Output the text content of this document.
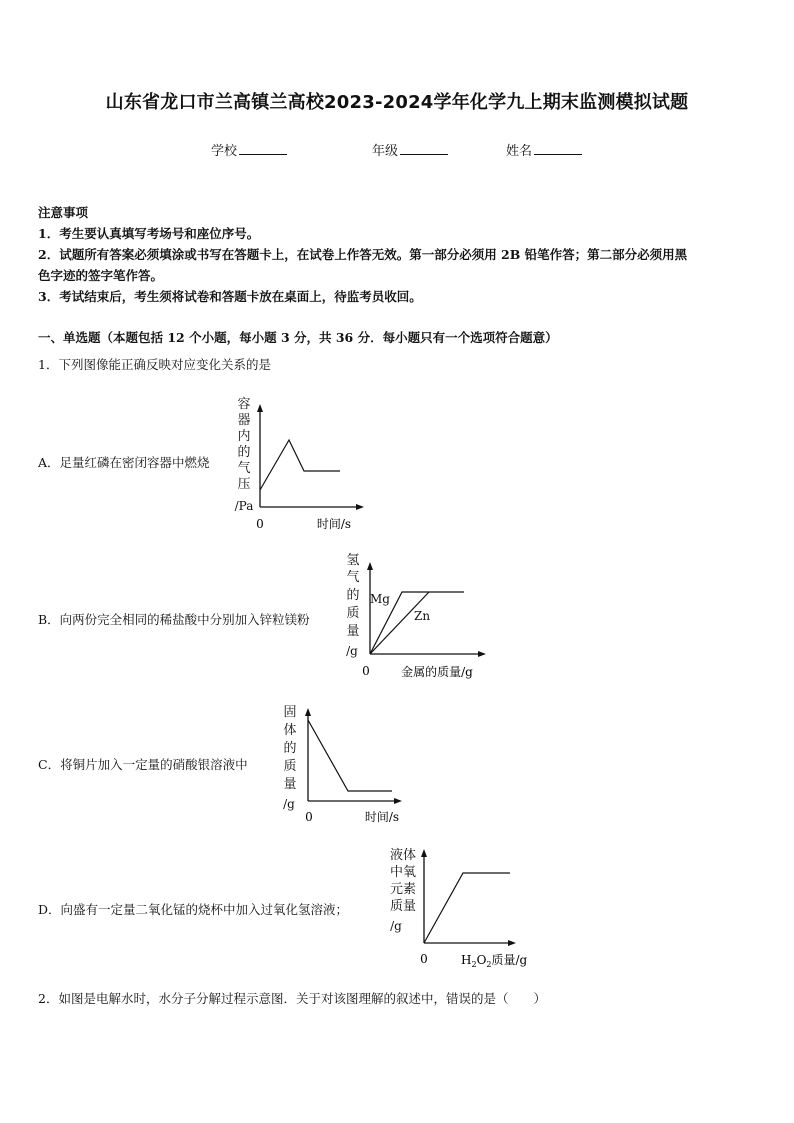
山东省龙口市兰高镇兰高校2023-2024学年化学九上期末监测模拟试题
学校	年级	姓名
注意事项
1．考生要认真填写考场号和座位序号。
2．试题所有答案必须填涂或书写在答题卡上，在试卷上作答无效。第一部分必须用 2B 铅笔作答；第二部分必须用黑
色字迹的签字笔作答。
3．考试结束后，考生须将试卷和答题卡放在桌面上，待监考员收回。
一、单选题（本题包括 12 个小题，每小题 3 分，共 36 分．每小题只有一个选项符合题意）
1．下列图像能正确反映对应变化关系的是
A．足量红磷在密闭容器中燃烧
容
器
内
的
气
压
/Pa
0	时间/s
B．向两份完全相同的稀盐酸中分别加入锌粒镁粉
氢
气
的
质
量
/g
Mg
Zn
0	金属的质量/g
C．将铜片加入一定量的硝酸银溶液中
固
体
的
质
量
/g
0	时间/s
D．向盛有一定量二氧化锰的烧杯中加入过氧化氢溶液；
液体
中氧
元素
质量
/g
0	$H_2O_2$质量/g
2．如图是电解水时，水分子分解过程示意图．关于对该图理解的叙述中，错误的是（　　）
